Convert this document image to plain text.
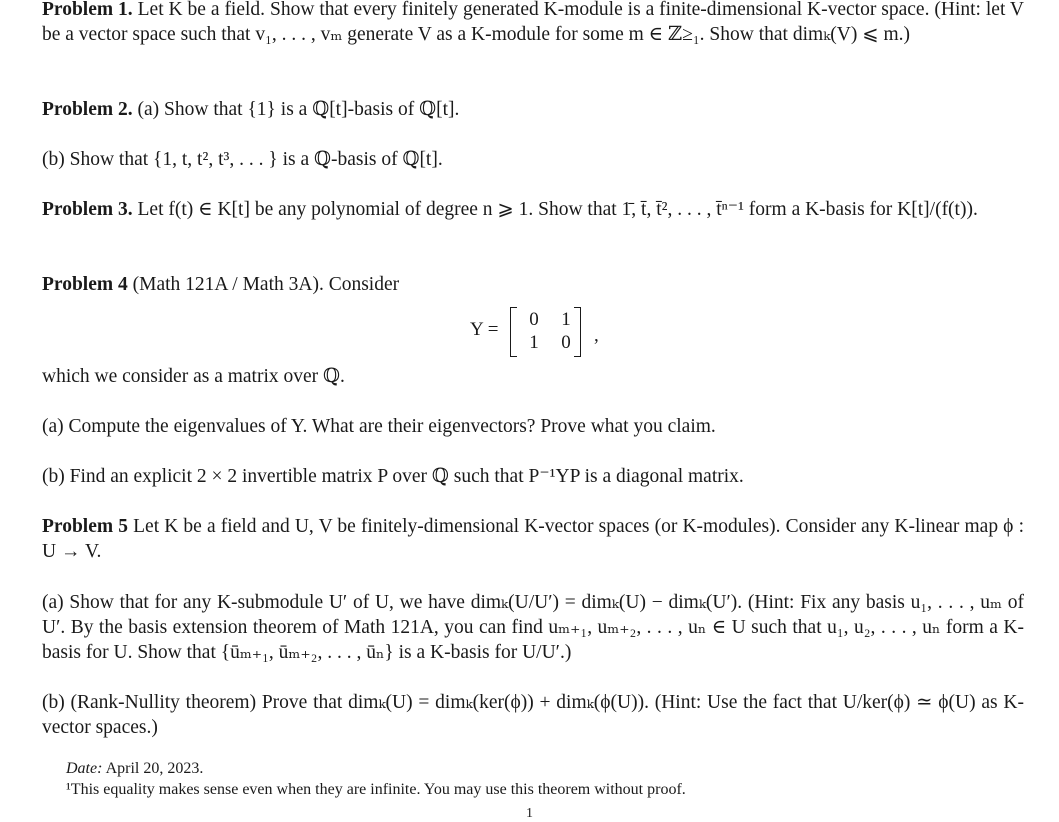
Problem 1. Let K be a field. Show that every finitely generated K-module is a finite-dimensional K-vector space. (Hint: let V be a vector space such that v₁, . . . , vₘ generate V as a K-module for some m ∈ ℤ≥₁. Show that dimₖ(V) ⩽ m.)
Problem 2. (a) Show that {1} is a ℚ[t]-basis of ℚ[t].
(b) Show that {1, t, t², t³, . . . } is a ℚ-basis of ℚ[t].
Problem 3. Let f(t) ∈ K[t] be any polynomial of degree n ⩾ 1. Show that 1̄, t̄, t̄², . . . , t̄ⁿ⁻¹ form a K-basis for K[t]/(f(t)).
Problem 4 (Math 121A / Math 3A). Consider
Y = 0 1
1 0 ,
which we consider as a matrix over ℚ.
(a) Compute the eigenvalues of Y. What are their eigenvectors? Prove what you claim.
(b) Find an explicit 2 × 2 invertible matrix P over ℚ such that P⁻¹YP is a diagonal matrix.
Problem 5 Let K be a field and U, V be finitely-dimensional K-vector spaces (or K-modules). Consider any K-linear map ϕ : U → V.
(a) Show that for any K-submodule U′ of U, we have dimₖ(U/U′) = dimₖ(U) − dimₖ(U′). (Hint: Fix any basis u₁, . . . , uₘ of U′. By the basis extension theorem of Math 121A, you can find uₘ₊₁, uₘ₊₂, . . . , uₙ ∈ U such that u₁, u₂, . . . , uₙ form a K-basis for U. Show that {ūₘ₊₁, ūₘ₊₂, . . . , ūₙ} is a K-basis for U/U′.)
(b) (Rank-Nullity theorem) Prove that dimₖ(U) = dimₖ(ker(ϕ)) + dimₖ(ϕ(U)). (Hint: Use the fact that U/ker(ϕ) ≃ ϕ(U) as K-vector spaces.)
Date: April 20, 2023.
¹This equality makes sense even when they are infinite. You may use this theorem without proof.
1
